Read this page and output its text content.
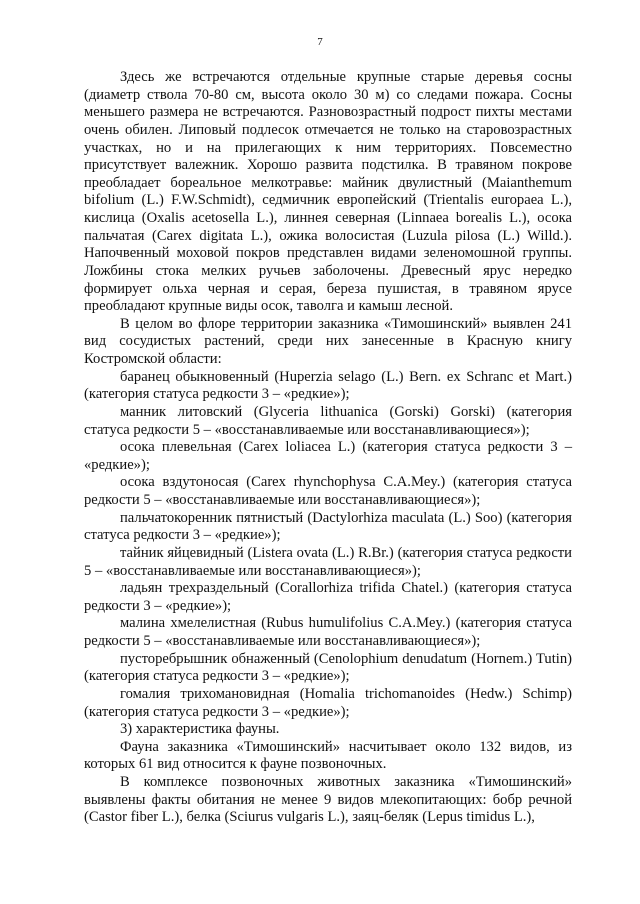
7

Здесь же встречаются отдельные крупные старые деревья сосны (диаметр ствола 70-80 см, высота около 30 м) со следами пожара. Сосны меньшего размера не встречаются. Разновозрастный подрост пихты местами очень обилен. Липовый подлесок отмечается не только на старовозрастных участках, но и на прилегающих к ним территориях. Повсеместно присутствует валежник. Хорошо развита подстилка. В травяном покрове преобладает бореальное мелкотравье: майник двулистный (Maianthemum bifolium (L.) F.W.Schmidt), седмичник европейский (Trientalis europaea L.), кислица (Oxalis acetosella L.), линнея северная (Linnaea borealis L.), осока пальчатая (Carex digitata L.), ожика волосистая (Luzula pilosa (L.) Willd.). Напочвенный моховой покров представлен видами зеленомошной группы. Ложбины стока мелких ручьев заболочены. Древесный ярус нередко формирует ольха черная и серая, береза пушистая, в травяном ярусе преобладают крупные виды осок, таволга и камыш лесной.

В целом во флоре территории заказника «Тимошинский» выявлен 241 вид сосудистых растений, среди них занесенные в Красную книгу Костромской области:

баранец обыкновенный (Huperzia selago (L.) Bern. ex Schranc et Mart.) (категория статуса редкости 3 – «редкие»);

манник литовский (Glyceria lithuanica (Gorski) Gorski) (категория статуса редкости 5 – «восстанавливаемые или восстанавливающиеся»);

осока плевельная (Carex loliacea L.) (категория статуса редкости 3 – «редкие»);

осока вздутоносая (Carex rhynchophysa C.A.Mey.) (категория статуса редкости 5 – «восстанавливаемые или восстанавливающиеся»);

пальчатокоренник пятнистый (Dactylorhiza maculata (L.) Soo) (категория статуса редкости 3 – «редкие»);

тайник яйцевидный (Listera ovata (L.) R.Br.) (категория статуса редкости 5 – «восстанавливаемые или восстанавливающиеся»);

ладьян трехраздельный (Corallorhiza trifida Chatel.) (категория статуса редкости 3 – «редкие»);

малина хмелелистная (Rubus humulifolius C.A.Mey.) (категория статуса редкости 5 – «восстанавливаемые или восстанавливающиеся»);

пусторебрышник обнаженный (Cenolophium denudatum (Hornem.) Tutin) (категория статуса редкости 3 – «редкие»);

гомалия трихомановидная (Homalia trichomanoides (Hedw.) Schimp) (категория статуса редкости 3 – «редкие»);

3) характеристика фауны.

Фауна заказника «Тимошинский» насчитывает около 132 видов, из которых 61 вид относится к фауне позвоночных.

В комплексе позвоночных животных заказника «Тимошинский» выявлены факты обитания не менее 9 видов млекопитающих: бобр речной (Castor fiber L.), белка (Sciurus vulgaris L.), заяц-беляк (Lepus timidus L.),
